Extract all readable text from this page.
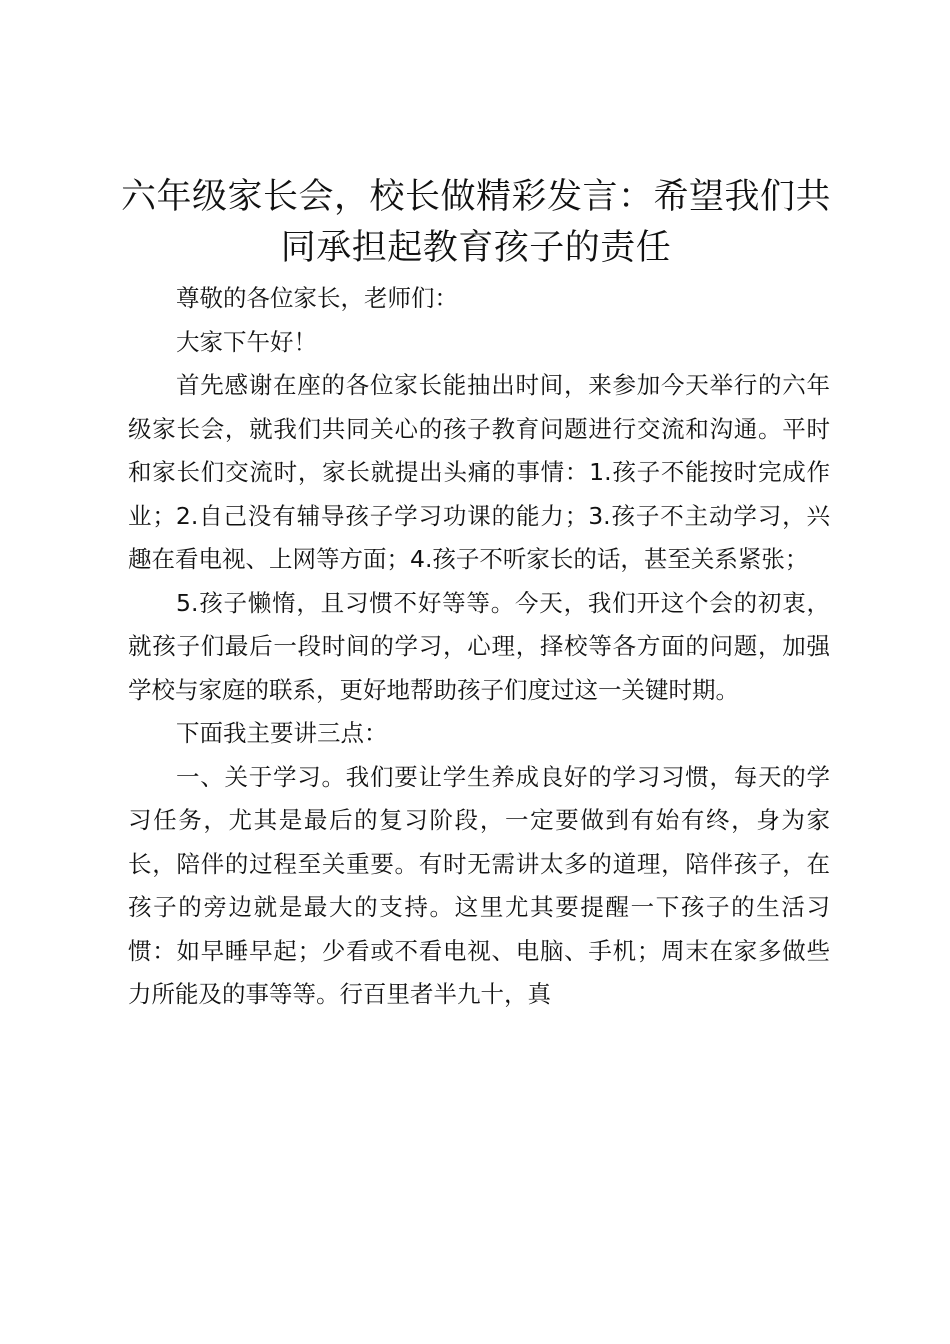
六年级家长会，校长做精彩发言：希望我们共同承担起教育孩子的责任

尊敬的各位家长，老师们：

大家下午好！

首先感谢在座的各位家长能抽出时间，来参加今天举行的六年级家长会，就我们共同关心的孩子教育问题进行交流和沟通。平时和家长们交流时，家长就提出头痛的事情：1.孩子不能按时完成作业；2.自己没有辅导孩子学习功课的能力；3.孩子不主动学习，兴趣在看电视、上网等方面；4.孩子不听家长的话，甚至关系紧张；

5.孩子懒惰，且习惯不好等等。今天，我们开这个会的初衷，就孩子们最后一段时间的学习，心理，择校等各方面的问题，加强学校与家庭的联系，更好地帮助孩子们度过这一关键时期。

下面我主要讲三点：

一、关于学习。我们要让学生养成良好的学习习惯，每天的学习任务，尤其是最后的复习阶段，一定要做到有始有终，身为家长，陪伴的过程至关重要。有时无需讲太多的道理，陪伴孩子，在孩子的旁边就是最大的支持。这里尤其要提醒一下孩子的生活习惯：如早睡早起；少看或不看电视、电脑、手机；周末在家多做些力所能及的事等等。行百里者半九十，真
